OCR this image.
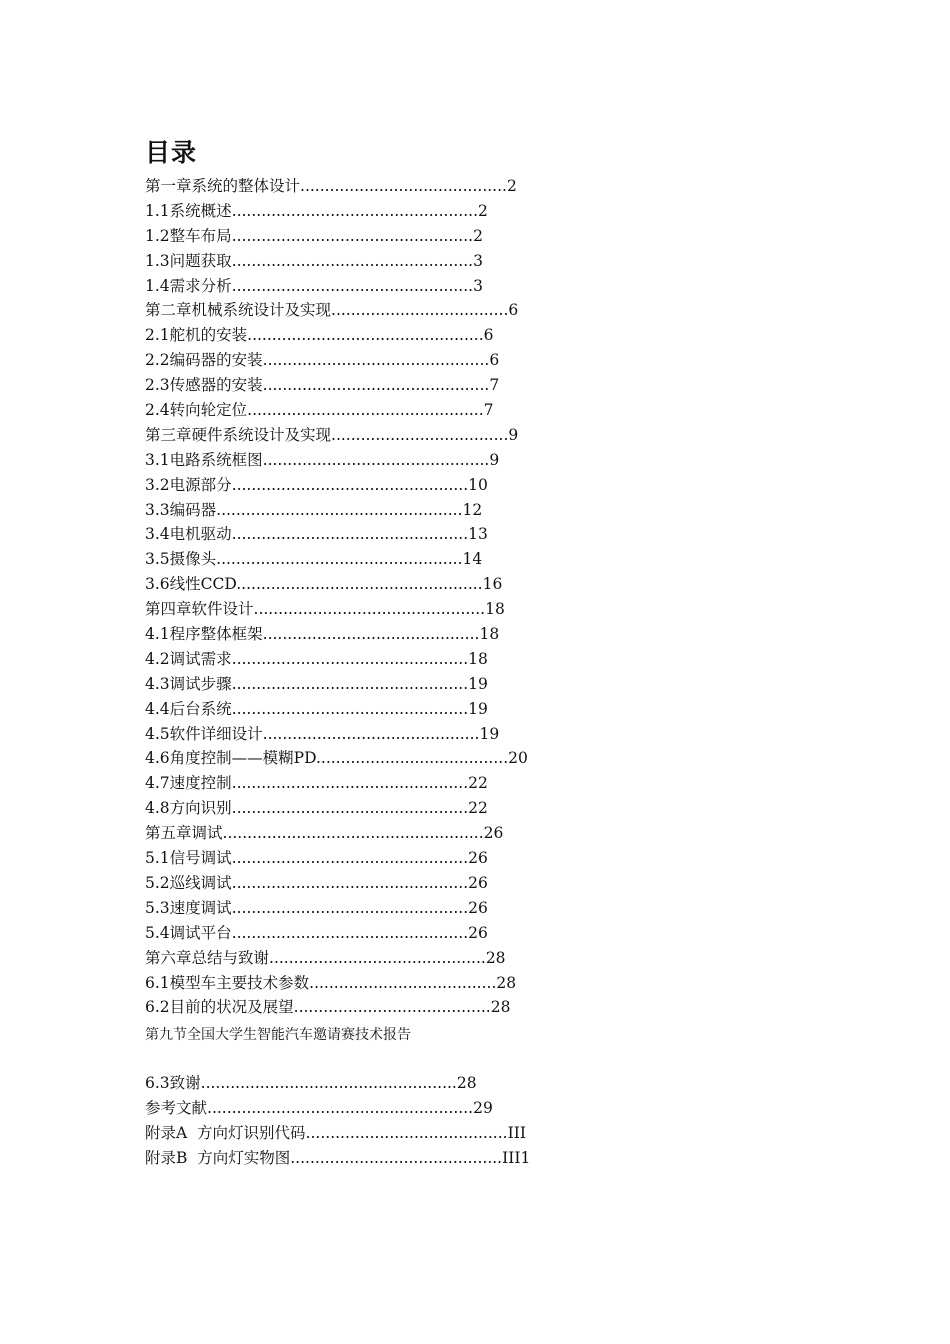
目录
第一章系统的整体设计..........................................2
1.1系统概述..................................................2
1.2整车布局.................................................2
1.3问题获取.................................................3
1.4需求分析.................................................3
第二章机械系统设计及实现....................................6
2.1舵机的安装................................................6
2.2编码器的安装..............................................6
2.3传感器的安装..............................................7
2.4转向轮定位................................................7
第三章硬件系统设计及实现....................................9
3.1电路系统框图..............................................9
3.2电源部分................................................10
3.3编码器..................................................12
3.4电机驱动................................................13
3.5摄像头..................................................14
3.6线性CCD..................................................16
第四章软件设计...............................................18
4.1程序整体框架............................................18
4.2调试需求................................................18
4.3调试步骤................................................19
4.4后台系统................................................19
4.5软件详细设计............................................19
4.6角度控制——模糊PD.......................................20
4.7速度控制................................................22
4.8方向识别................................................22
第五章调试.....................................................26
5.1信号调试................................................26
5.2巡线调试................................................26
5.3速度调试................................................26
5.4调试平台................................................26
第六章总结与致谢............................................28
6.1模型车主要技术参数......................................28
6.2目前的状况及展望........................................28
第九节全国大学生智能汽车邀请赛技术报告
6.3致谢....................................................28
参考文献......................................................29
附录A  方向灯识别代码.........................................III
附录B  方向灯实物图...........................................III1
